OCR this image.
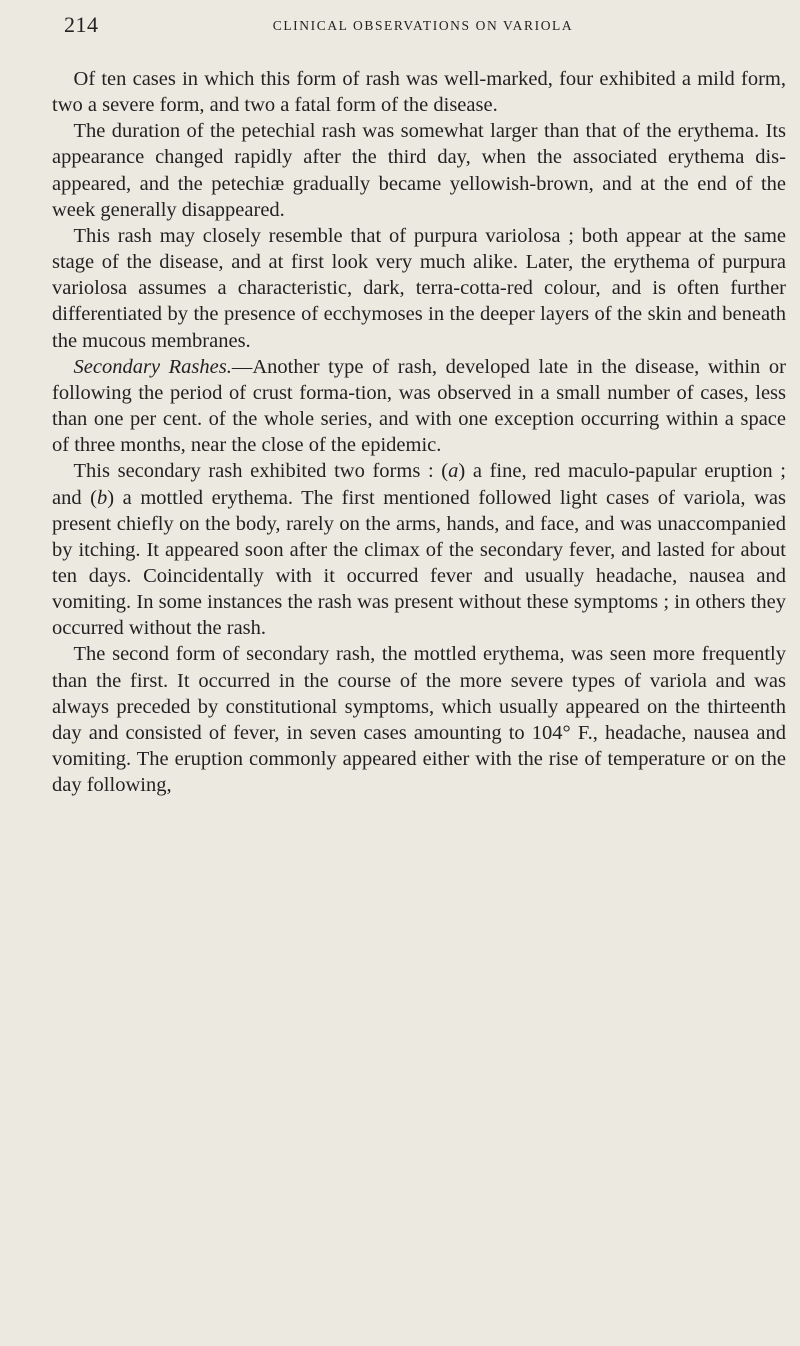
214	CLINICAL OBSERVATIONS ON VARIOLA

Of ten cases in which this form of rash was well-marked, four exhibited a mild form, two a severe form, and two a fatal form of the disease.

The duration of the petechial rash was somewhat larger than that of the erythema. Its appearance changed rapidly after the third day, when the associated erythema dis-appeared, and the petechiæ gradually became yellowish-brown, and at the end of the week generally disappeared.

This rash may closely resemble that of purpura variolosa ; both appear at the same stage of the disease, and at first look very much alike. Later, the erythema of purpura variolosa assumes a characteristic, dark, terra-cotta-red colour, and is often further differentiated by the presence of ecchymoses in the deeper layers of the skin and beneath the mucous membranes.

Secondary Rashes.—Another type of rash, developed late in the disease, within or following the period of crust forma-tion, was observed in a small number of cases, less than one per cent. of the whole series, and with one exception occurring within a space of three months, near the close of the epidemic.

This secondary rash exhibited two forms : (a) a fine, red maculo-papular eruption ; and (b) a mottled erythema. The first mentioned followed light cases of variola, was present chiefly on the body, rarely on the arms, hands, and face, and was unaccompanied by itching. It appeared soon after the climax of the secondary fever, and lasted for about ten days. Coincidentally with it occurred fever and usually headache, nausea and vomiting. In some instances the rash was present without these symptoms ; in others they occurred without the rash.

The second form of secondary rash, the mottled erythema, was seen more frequently than the first. It occurred in the course of the more severe types of variola and was always preceded by constitutional symptoms, which usually appeared on the thirteenth day and consisted of fever, in seven cases amounting to 104° F., headache, nausea and vomiting. The eruption commonly appeared either with the rise of temperature or on the day following,
